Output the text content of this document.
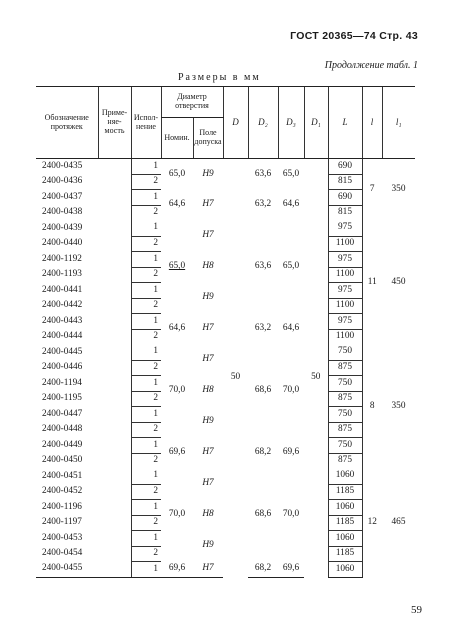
ГОСТ 20365—74 Стр. 43
Продолжение табл. 1
Размеры в мм
Обозначение протяжек	Приме-няе-мость	Испол-нение	Диаметр отверстия		D	D₂	D₃	D₁	L	l	l₁
			Номин.	Поле допуска							
2400-0435		1	65,0	H9	50	63,6	65,0	50	690	7	350
2400-0436		2							815		
2400-0437		1	64,6	H7		63,2	64,6		690		
2400-0438		2							815		
2400-0439		1	65,0	H7		63,6	65,0		975	11	450
2400-0440		2							1100		
2400-1192		1		H8					975		
2400-1193		2							1100		
2400-0441		1		H9					975		
2400-0442		2							1100		
2400-0443		1	64,6	H7		63,2	64,6		975		
2400-0444		2							1100		
2400-0445		1	70,0	H7		68,6	70,0		750	8	350
2400-0446		2							875		
2400-1194		1		H8					750		
2400-1195		2							875		
2400-0447		1		H9					750		
2400-0448		2							875		
2400-0449		1	69,6	H7		68,2	69,6		750		
2400-0450		2							875		
2400-0451		1	70,0	H7		68,6	70,0		1060	12	465
2400-0452		2							1185		
2400-1196		1		H8					1060		
2400-1197		2							1185		
2400-0453		1		H9					1060		
2400-0454		2							1185		
2400-0455		1	69,6	H7		68,2	69,6		1060		
59
